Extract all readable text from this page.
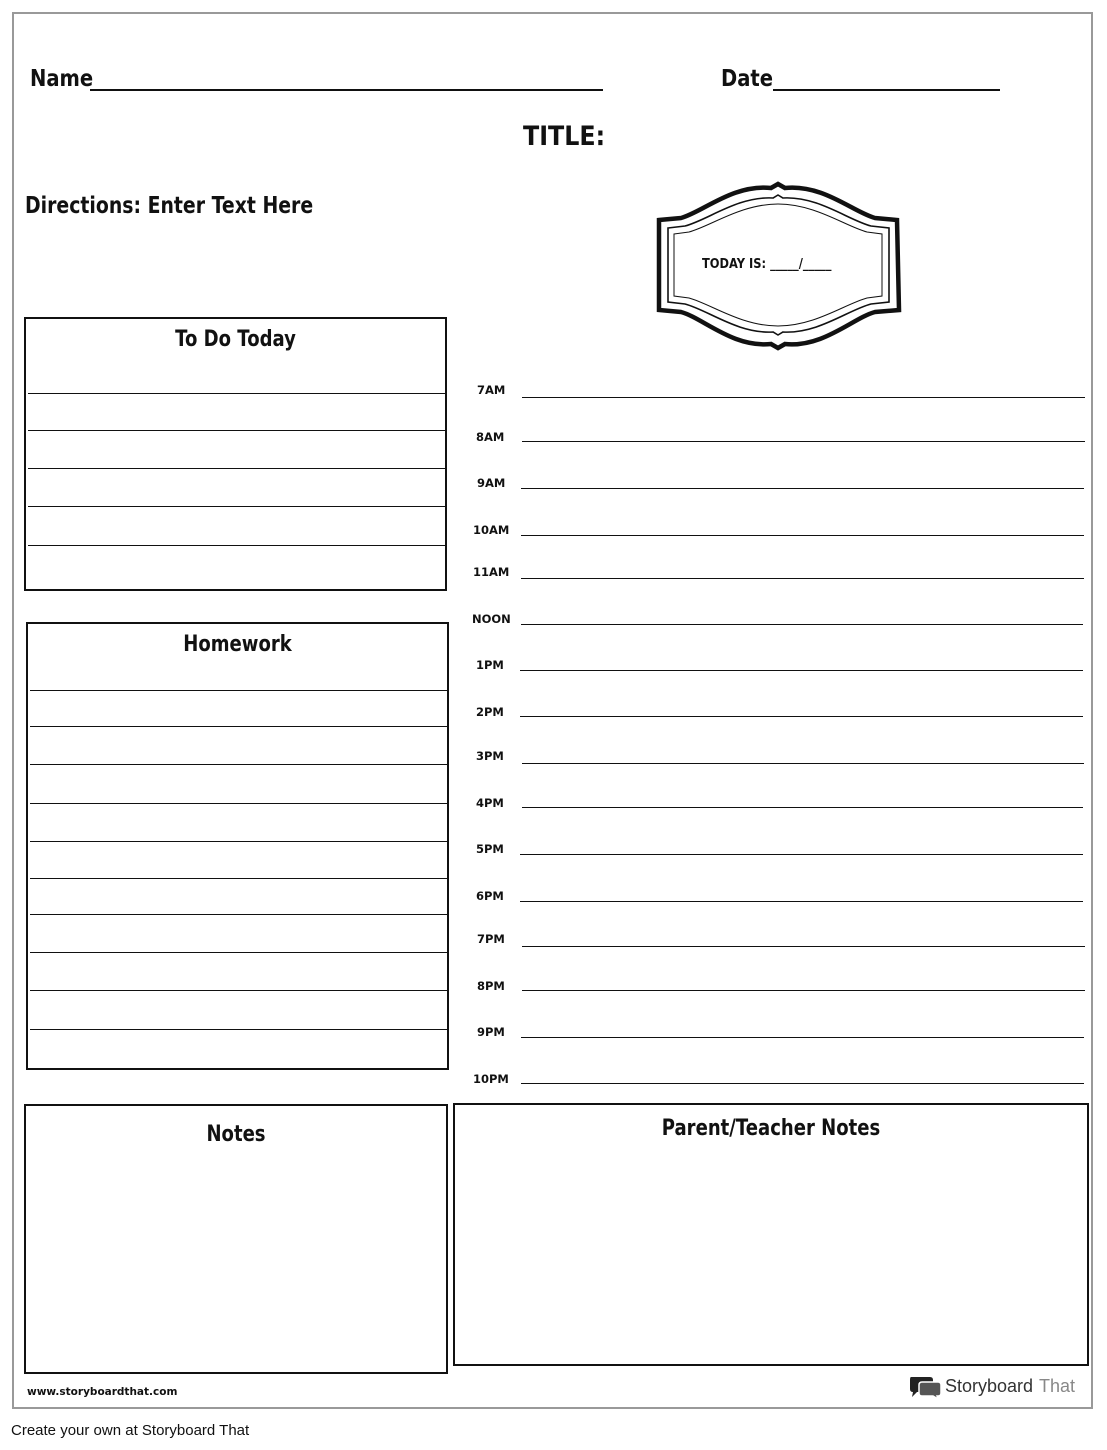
Name	Date
TITLE:
Directions: Enter Text Here
TODAY IS: _____/_____
To Do Today
Homework
7AM
8AM
9AM
10AM
11AM
NOON
1PM
2PM
3PM
4PM
5PM
6PM
7PM
8PM
9PM
10PM
Notes	Parent/Teacher Notes
www.storyboardthat.com	Storyboard That
Create your own at Storyboard That
